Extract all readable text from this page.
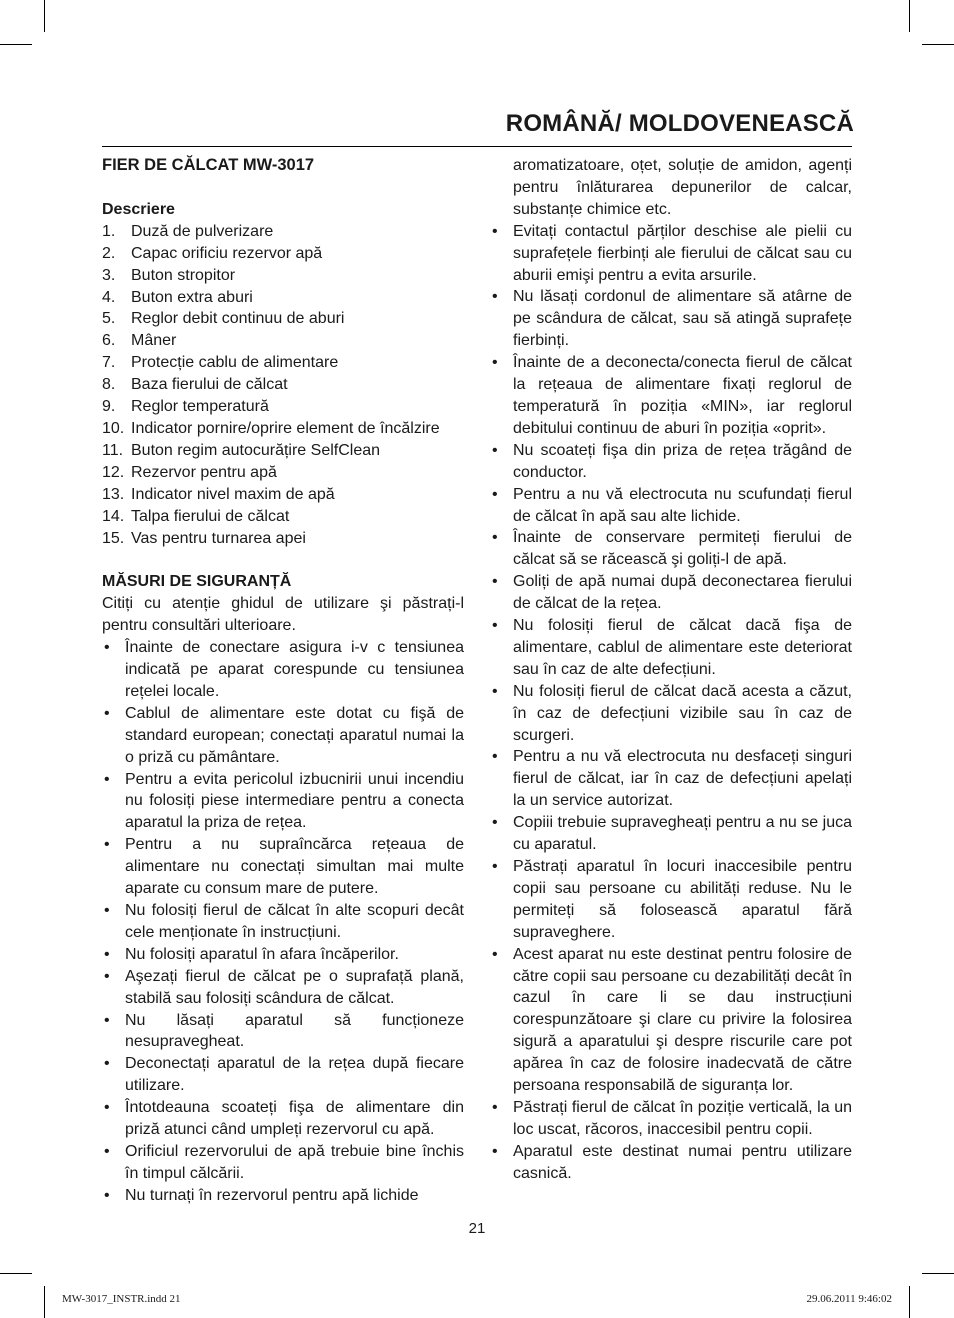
ROMÂNĂ/ MOLDOVENEASCĂ
FIER DE CĂLCAT MW-3017
Descriere
1. Duză de pulverizare
2. Capac orificiu rezervor apă
3. Buton stropitor
4. Buton extra aburi
5. Reglor debit continuu de aburi
6. Mâner
7. Protecție cablu de alimentare
8. Baza fierului de călcat
9. Reglor temperatură
10. Indicator pornire/oprire element de încălzire
11. Buton regim autocurățire SelfClean
12. Rezervor pentru apă
13. Indicator nivel maxim de apă
14. Talpa fierului de călcat
15. Vas pentru turnarea apei
MĂSURI DE SIGURANȚĂ

Citiți cu atenție ghidul de utilizare şi păstrați-l pentru consultări ulterioare.

• Înainte de conectare asigura i-v c tensiunea indicată pe aparat corespunde cu tensiunea rețelei locale.
• Cablul de alimentare este dotat cu fişă de standard european; conectați aparatul numai la o priză cu pământare.
• Pentru a evita pericolul izbucnirii unui incendiu nu folosiți piese intermediare pentru a conecta aparatul la priza de rețea.
• Pentru a nu supraîncărca rețeaua de alimentare nu conectați simultan mai multe aparate cu consum mare de putere.
• Nu folosiți fierul de călcat în alte scopuri decât cele menționate în instrucțiuni.
• Nu folosiți aparatul în afara încăperilor.
• Aşezați fierul de călcat pe o suprafață plană, stabilă sau folosiți scândura de călcat.
• Nu lăsați aparatul să funcționeze nesupravegheat.
• Deconectați aparatul de la rețea după fiecare utilizare.
• Întotdeauna scoateți fişa de alimentare din priză atunci când umpleți rezervorul cu apă.
• Orificiul rezervorului de apă trebuie bine închis în timpul călcării.
• Nu turnați în rezervorul pentru apă lichide

aromatizatoare, oțet, soluție de amidon, agenți pentru înlăturarea depunerilor de calcar, substanțe chimice etc.

• Evitați contactul părților deschise ale pielii cu suprafețele fierbinți ale fierului de călcat sau cu aburii emişi pentru a evita arsurile.
• Nu lăsați cordonul de alimentare să atârne de pe scândura de călcat, sau să atingă suprafețe fierbinți.
• Înainte de a deconecta/conecta fierul de călcat la rețeaua de alimentare fixați reglorul de temperatură în poziția «MIN», iar reglorul debitului continuu de aburi în poziția «oprit».
• Nu scoateți fişa din priza de rețea trăgând de conductor.
• Pentru a nu vă electrocuta nu scufundați fierul de călcat în apă sau alte lichide.
• Înainte de conservare permiteți fierului de călcat să se răcească şi goliți-l de apă.
• Goliți de apă numai după deconectarea fierului de călcat de la rețea.
• Nu folosiți fierul de călcat dacă fişa de alimentare, cablul de alimentare este deteriorat sau în caz de alte defecțiuni.
• Nu folosiți fierul de călcat dacă acesta a căzut, în caz de defecțiuni vizibile sau în caz de scurgeri.
• Pentru a nu vă electrocuta nu desfaceți singuri fierul de călcat, iar în caz de defecțiuni apelați la un service autorizat.
• Copiii trebuie supravegheați pentru a nu se juca cu aparatul.
• Păstrați aparatul în locuri inaccesibile pentru copii sau persoane cu abilități reduse. Nu le permiteți să folosească aparatul fără supraveghere.
• Acest aparat nu este destinat pentru folosire de către copii sau persoane cu dezabilități decât în cazul în care li se dau instrucțiuni corespunzătoare şi clare cu privire la folosirea sigură a aparatului şi despre riscurile care pot apărea în caz de folosire inadecvată de către persoana responsabilă de siguranța lor.
• Păstrați fierul de călcat în poziție verticală, la un loc uscat, răcoros, inaccesibil pentru copii.
• Aparatul este destinat numai pentru utilizare casnică.
21
MW-3017_INSTR.indd 21	29.06.2011 9:46:02
